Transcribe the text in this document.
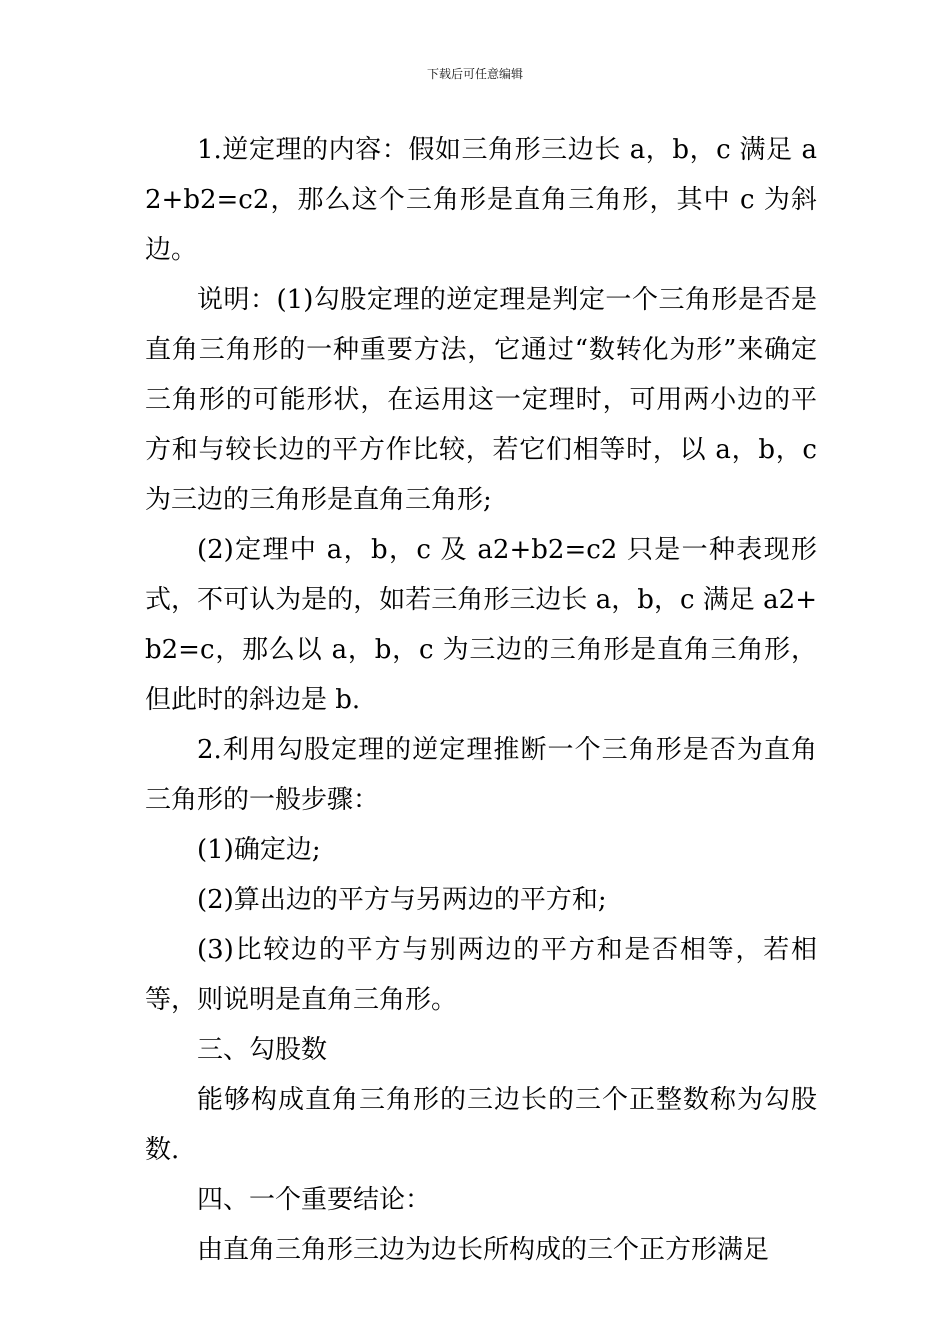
下载后可任意编辑

1.逆定理的内容：假如三角形三边长 a，b，c 满足 a2+b2=c2，那么这个三角形是直角三角形，其中 c 为斜边。

说明：(1)勾股定理的逆定理是判定一个三角形是否是直角三角形的一种重要方法，它通过“数转化为形”来确定三角形的可能形状，在运用这一定理时，可用两小边的平方和与较长边的平方作比较，若它们相等时，以 a，b，c 为三边的三角形是直角三角形;

(2)定理中 a，b，c 及 a2+b2=c2 只是一种表现形式，不可认为是的，如若三角形三边长 a，b，c 满足 a2+b2=c，那么以 a，b，c 为三边的三角形是直角三角形，但此时的斜边是 b.

2.利用勾股定理的逆定理推断一个三角形是否为直角三角形的一般步骤：

(1)确定边;

(2)算出边的平方与另两边的平方和;

(3)比较边的平方与别两边的平方和是否相等，若相等，则说明是直角三角形。

三、勾股数

能够构成直角三角形的三边长的三个正整数称为勾股数.

四、一个重要结论：

由直角三角形三边为边长所构成的三个正方形满足
